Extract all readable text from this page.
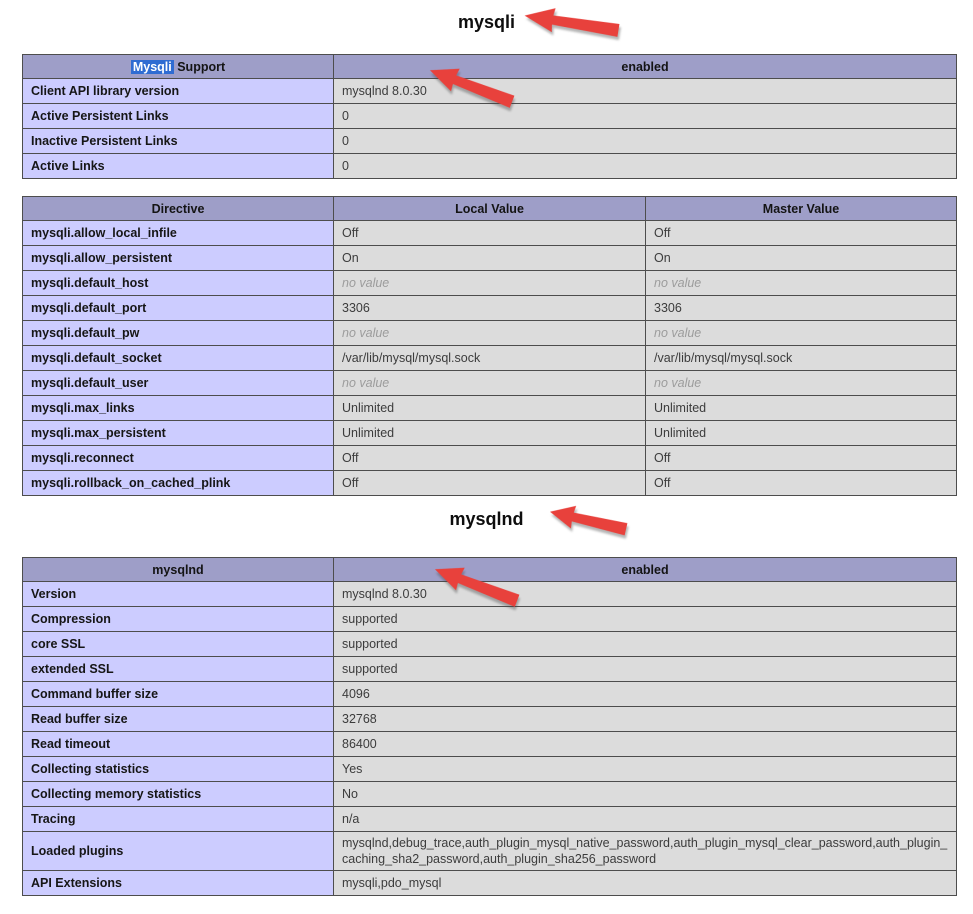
mysqli
Mysqli Support	enabled
Client API library version	mysqlnd 8.0.30
Active Persistent Links	0
Inactive Persistent Links	0
Active Links	0
Directive	Local Value	Master Value
mysqli.allow_local_infile	Off	Off
mysqli.allow_persistent	On	On
mysqli.default_host	no value	no value
mysqli.default_port	3306	3306
mysqli.default_pw	no value	no value
mysqli.default_socket	/var/lib/mysql/mysql.sock	/var/lib/mysql/mysql.sock
mysqli.default_user	no value	no value
mysqli.max_links	Unlimited	Unlimited
mysqli.max_persistent	Unlimited	Unlimited
mysqli.reconnect	Off	Off
mysqli.rollback_on_cached_plink	Off	Off
mysqlnd
mysqlnd	enabled
Version	mysqlnd 8.0.30
Compression	supported
core SSL	supported
extended SSL	supported
Command buffer size	4096
Read buffer size	32768
Read timeout	86400
Collecting statistics	Yes
Collecting memory statistics	No
Tracing	n/a
Loaded plugins	mysqlnd,debug_trace,auth_plugin_mysql_native_password,auth_plugin_mysql_clear_password,auth_plugin_caching_sha2_password,auth_plugin_sha256_password
API Extensions	mysqli,pdo_mysql
